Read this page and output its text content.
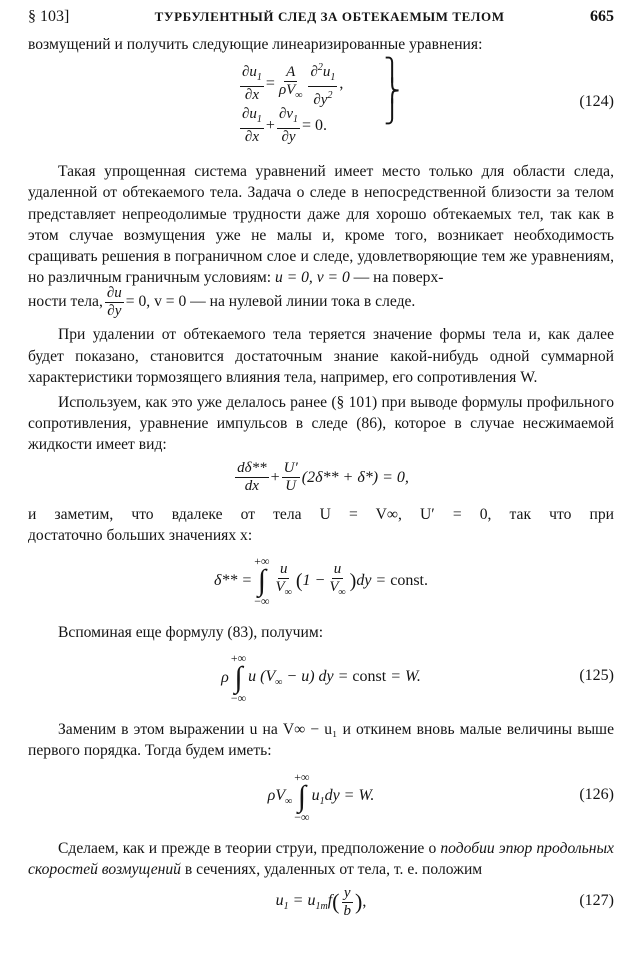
§ 103]	ТУРБУЛЕНТНЫЙ СЛЕД ЗА ОБТЕКАЕМЫМ ТЕЛОМ	665

возмущений и получить следующие линеаризированные уравнения:

$\frac{\partial u_1}{\partial x} = \frac{A}{\rho V_\infty} \frac{\partial^2u_1}{\partial y^2}$ ,
$\frac{\partial u_1}{\partial x} + \frac{\partial v_1}{\partial y} = 0$.
⎫
⎬
⎭	(124)

Такая упрощенная система уравнений имеет место только для области следа, удаленной от обтекаемого тела. Задача о следе в непосредственной близости за телом представляет непреодолимые трудности даже для хорошо обтекаемых тел, так как в этом случае возмущения уже не малы и, кроме того, возникает необходимость сращивать решения в пограничном слое и следе, удовлетворяющие тем же уравнениям, но различным граничным условиям: u = 0, v = 0 — на поверх-

ности тела, $\frac{\partial u}{\partial y} = 0$, v = 0 — на нулевой линии тока в следе.

При удалении от обтекаемого тела теряется значение формы тела и, как далее будет показано, становится достаточным знание какой-нибудь одной суммарной характеристики тормозящего влияния тела, например, его сопротивления W.

Используем, как это уже делалось ранее (§ 101) при выводе формулы профильного сопротивления, уравнение импульсов в следе (86), которое в случае несжимаемой жидкости имеет вид:

$\frac{d\delta**}{dx} + \frac{U'}{U} (2\delta** + \delta*) = 0$,

и заметим, что вдалеке от тела U = V∞, U′ = 0, так что при

достаточно больших значениях x:

δ** =
+∞
∫
−∞ $\frac{u}{V_\infty}$ ( $1 - \frac{u}{V_\infty}$ ) dy = const.

Вспоминая еще формулу (83), получим:

ρ
+∞
∫
−∞
u $(V_\infty - u)$ dy = const = W.	(125)

Заменим в этом выражении u на V∞ − u₁ и откинем вновь малые величины выше первого порядка. Тогда будем иметь:

$\rho V_\infty$
+∞
∫
−∞
$u_1dy = W$.	(126)

Сделаем, как и прежде в теории струи, предположение о подобии эпюр продольных скоростей возмущений в сечениях, удаленных от тела, т. е. положим

$u_1 = u_{1m}f$ ( $\frac{y}{b}$ ) ,	(127)
